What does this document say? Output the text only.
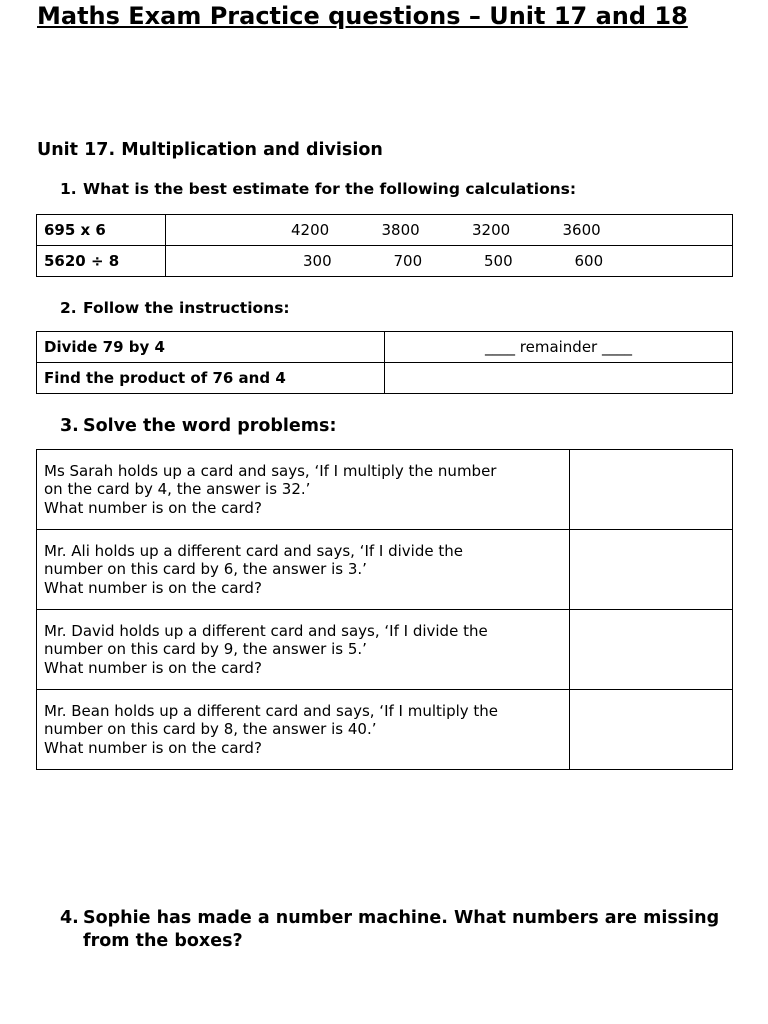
Maths Exam Practice questions – Unit 17 and 18
Unit 17. Multiplication and division

1. What is the best estimate for the following calculations:

695 x 6	4200 3800 3200 3600

5620 ÷ 8	300 700 500 600

2. Follow the instructions:

Divide 79 by 4	____ remainder ____
Find the product of 76 and 4	

3. Solve the word problems:

Ms Sarah holds up a card and says, ‘If I multiply the number
on the card by 4, the answer is 32.’
What number is on the card?	

Mr. Ali holds up a different card and says, ‘If I divide the
number on this card by 6, the answer is 3.’
What number is on the card?	

Mr. David holds up a different card and says, ‘If I divide the
number on this card by 9, the answer is 5.’
What number is on the card?	

Mr. Bean holds up a different card and says, ‘If I multiply the
number on this card by 8, the answer is 40.’
What number is on the card?	

4. Sophie has made a number machine. What numbers are missing from the boxes?
